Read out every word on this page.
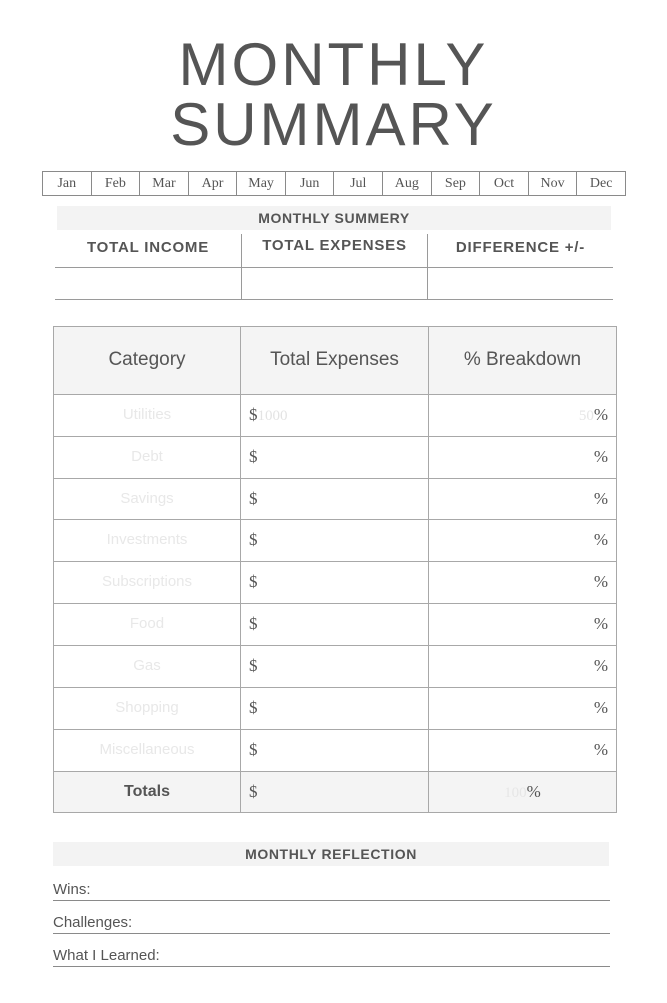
MONTHLY
SUMMARY
Jan	Feb	Mar	Apr	May	Jun	Jul	Aug	Sep	Oct	Nov	Dec
MONTHLY SUMMERY
TOTAL INCOME	TOTAL EXPENSES	DIFFERENCE +/-
Category	Total Expenses	% Breakdown
Utilities	$1000	50%
Debt	$	%
Savings	$	%
Investments	$	%
Subscriptions	$	%
Food	$	%
Gas	$	%
Shopping	$	%
Miscellaneous	$	%
Totals	$	100%
MONTHLY REFLECTION
Wins:
Challenges:
What I Learned:
